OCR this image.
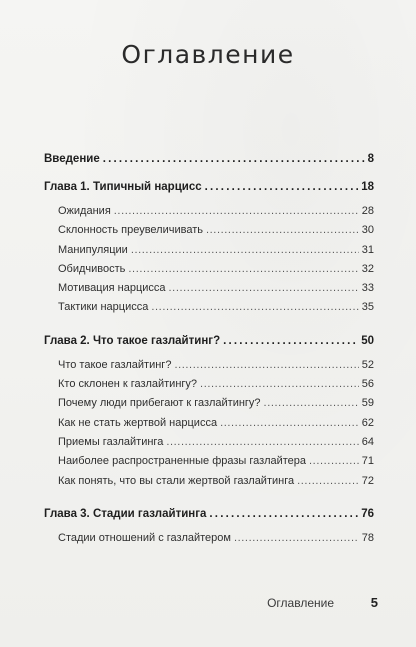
Оглавление
Введение .....	8
Глава 1. Типичный нарцисс .....	18
Ожидания .....	28
Склонность преувеличивать .....	30
Манипуляции .....	31
Обидчивость .....	32
Мотивация нарцисса .....	33
Тактики нарцисса .....	35
Глава 2. Что такое газлайтинг? .....	50
Что такое газлайтинг? .....	52
Кто склонен к газлайтингу? .....	56
Почему люди прибегают к газлайтингу? .....	59
Как не стать жертвой нарцисса .....	62
Приемы газлайтинга .....	64
Наиболее распространенные фразы газлайтера .....	71
Как понять, что вы стали жертвой газлайтинга .....	72
Глава 3. Стадии газлайтинга .....	76
Стадии отношений с газлайтером .....	78
Оглавление	5
